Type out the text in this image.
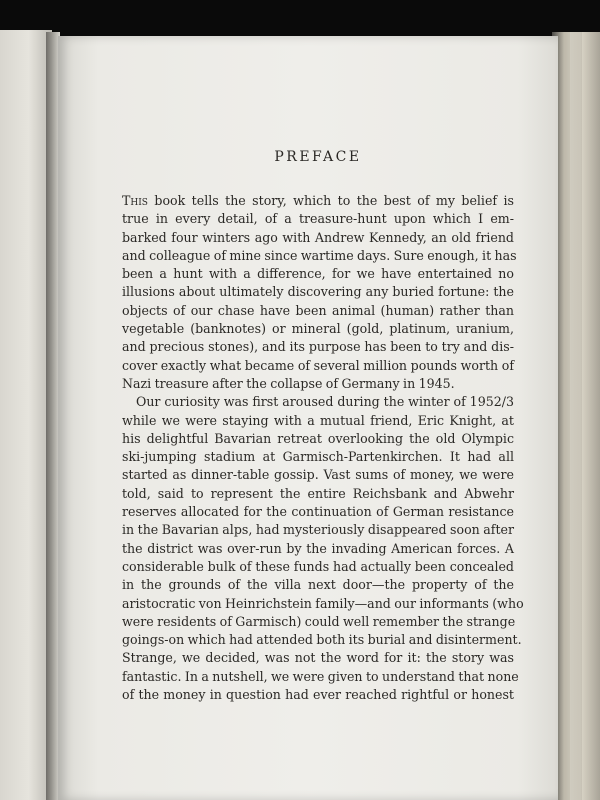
PREFACE
This book tells the story, which to the best of my belief is
true in every detail, of a treasure-hunt upon which I em-
barked four winters ago with Andrew Kennedy, an old friend
and colleague of mine since wartime days. Sure enough, it has
been a hunt with a difference, for we have entertained no
illusions about ultimately discovering any buried fortune: the
objects of our chase have been animal (human) rather than
vegetable (banknotes) or mineral (gold, platinum, uranium,
and precious stones), and its purpose has been to try and dis-
cover exactly what became of several million pounds worth of
Nazi treasure after the collapse of Germany in 1945.
Our curiosity was first aroused during the winter of 1952/3
while we were staying with a mutual friend, Eric Knight, at
his delightful Bavarian retreat overlooking the old Olympic
ski-jumping stadium at Garmisch-Partenkirchen. It had all
started as dinner-table gossip. Vast sums of money, we were
told, said to represent the entire Reichsbank and Abwehr
reserves allocated for the continuation of German resistance
in the Bavarian alps, had mysteriously disappeared soon after
the district was over-run by the invading American forces. A
considerable bulk of these funds had actually been concealed
in the grounds of the villa next door—the property of the
aristocratic von Heinrichstein family—and our informants (who
were residents of Garmisch) could well remember the strange
goings-on which had attended both its burial and disinterment.
Strange, we decided, was not the word for it: the story was
fantastic. In a nutshell, we were given to understand that none
of the money in question had ever reached rightful or honest
